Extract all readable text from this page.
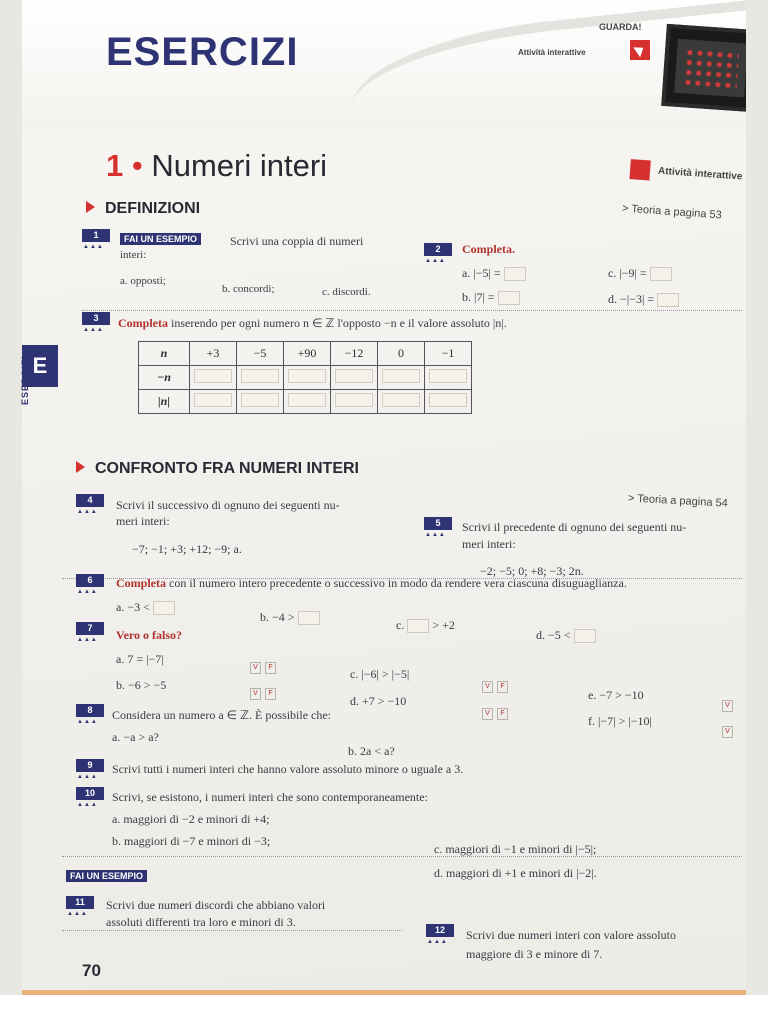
ESERCIZI
GUARDA!
Attività interattive
1 • Numeri interi	Attività interattive
DEFINIZIONI	> Teoria a pagina 53
1
▲▲▲
FAI UN ESEMPIO	Scrivi una coppia di numeri
interi:
a. opposti;
b. concordi;	c. discordi.
2
▲▲▲
Completa.
a. |−5| =
b. |7| =
c. |−9| =
d. −|−3| =
3
▲▲▲ Completa inserendo per ogni numero n ∈ ℤ l'opposto −n e il valore assoluto |n|.
n	+3	−5	+90	−12	0	−1
−n						
|n|						
CONFRONTO FRA NUMERI INTERI
> Teoria a pagina 54
4
▲▲▲ Scrivi il successivo di ognuno dei seguenti nu-
meri interi:
−7; −1; +3; +12; −9; a.
5
▲▲▲
Scrivi il precedente di ognuno dei seguenti nu-
meri interi:
−2; −5; 0; +8; −3; 2n.
6
▲▲▲
Completa con il numero intero precedente o successivo in modo da rendere vera ciascuna disuguaglianza.
a. −3 <
b. −4 >
c. > +2
d. −5 <
7
▲▲▲ Vero o falso?
a. 7 = |−7|
V F
b. −6 > −5
V F
c. |−6| > |−5|
V F
d. +7 > −10
V F
e. −7 > −10
V
f. |−7| > |−10|
V
8
▲▲▲ Considera un numero a ∈ ℤ. È possibile che:
a. −a > a?
b. 2a < a?
9
▲▲▲
Scrivi tutti i numeri interi che hanno valore assoluto minore o uguale a 3.
10
▲▲▲
Scrivi, se esistono, i numeri interi che sono contemporaneamente:
a. maggiori di −2 e minori di +4;
b. maggiori di −7 e minori di −3;
c. maggiori di −1 e minori di |−5|;
d. maggiori di +1 e minori di |−2|.
FAI UN ESEMPIO
11
▲▲▲
Scrivi due numeri discordi che abbiano valori
assoluti differenti tra loro e minori di 3.
12
▲▲▲ Scrivi due numeri interi con valore assoluto
maggiore di 3 e minore di 7.
70
E
ESERCIZI
